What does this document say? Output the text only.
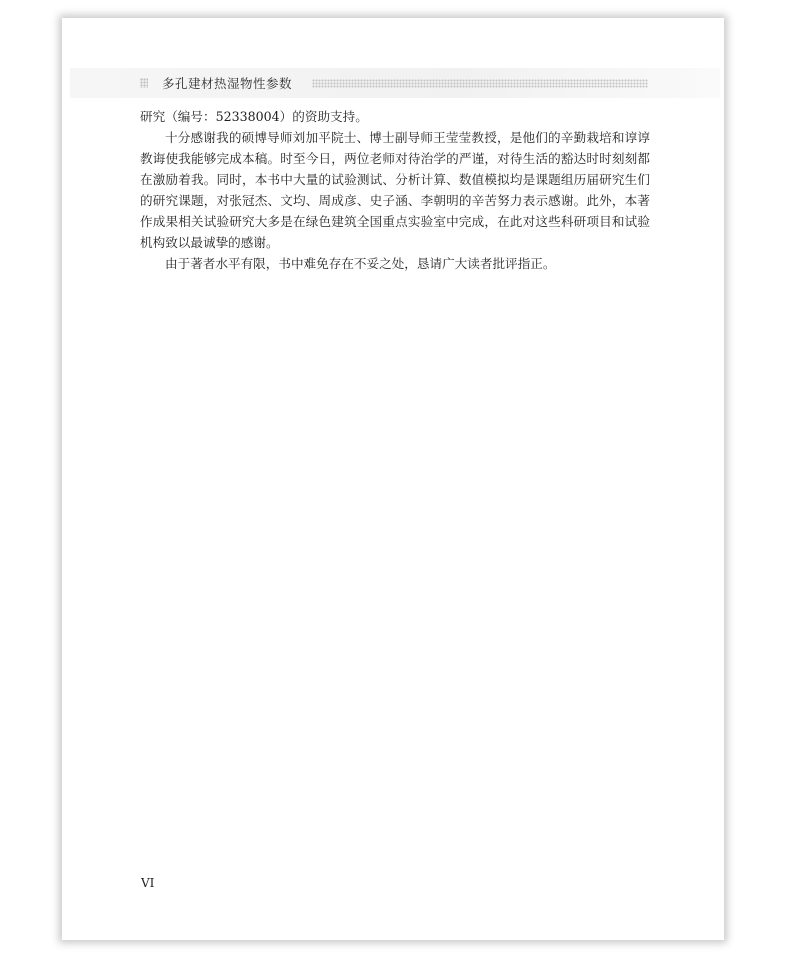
多孔建材热湿物性参数

研究（编号：52338004）的资助支持。

十分感谢我的硕博导师刘加平院士、博士副导师王莹莹教授，是他们的辛勤栽培和谆谆教诲使我能够完成本稿。时至今日，两位老师对待治学的严谨，对待生活的豁达时时刻刻都在激励着我。同时，本书中大量的试验测试、分析计算、数值模拟均是课题组历届研究生们的研究课题，对张冠杰、文均、周成彦、史子涵、李朝明的辛苦努力表示感谢。此外，本著作成果相关试验研究大多是在绿色建筑全国重点实验室中完成，在此对这些科研项目和试验机构致以最诚挚的感谢。

由于著者水平有限，书中难免存在不妥之处，恳请广大读者批评指正。

VI
